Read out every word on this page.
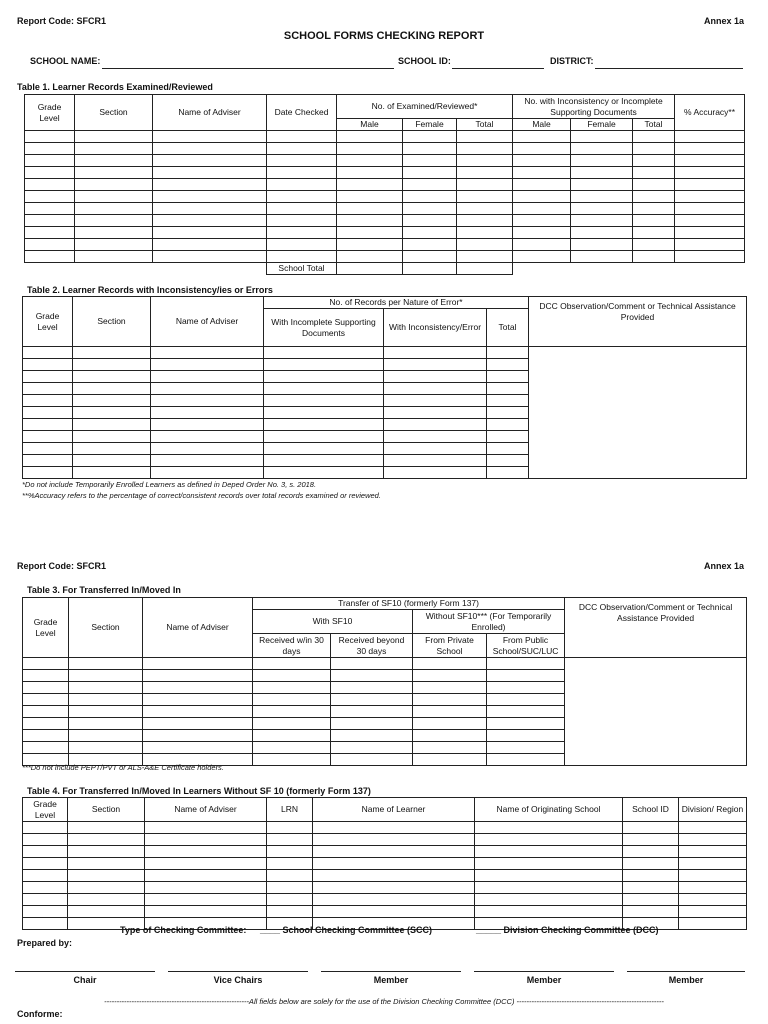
Report Code: SFCR1	Annex 1a
SCHOOL FORMS CHECKING REPORT
SCHOOL NAME:	SCHOOL ID:	DISTRICT:
Table 1. Learner Records Examined/Reviewed
Grade Level	Section	Name of Adviser	Date Checked	No. of Examined/Reviewed*			No. with Inconsistency or Incomplete Supporting Documents			% Accuracy**
				Male	Female	Total	Male	Female	Total	

			School Total							
Table 2. Learner Records with Inconsistency/ies or Errors
Grade Level	Section	Name of Adviser	No. of Records per Nature of Error*			DCC Observation/Comment or Technical Assistance Provided
			With Incomplete Supporting Documents	With Inconsistency/Error	Total	

*Do not include Temporarily Enrolled Learners as defined in Deped Order No. 3, s. 2018.
**%Accuracy refers to the percentage of correct/consistent records over total records examined or reviewed.
Report Code: SFCR1	Annex 1a
Table 3. For Transferred In/Moved In
Grade Level	Section	Name of Adviser	Transfer of SF10 (formerly Form 137)				DCC Observation/Comment or Technical Assistance Provided
			With SF10		Without SF10*** (For Temporarily Enrolled)		
			Received w/in 30 days	Received beyond 30 days	From Private School	From Public School/SUC/LUC	

***Do not include PEPT/PVT or ALS-A&E Certificate holders.
Table 4. For Transferred In/Moved In Learners Without SF 10 (formerly Form 137)
Grade Level	Section	Name of Adviser	LRN	Name of Learner	Name of Originating School	School ID	Division/ Region

Type of Checking Committee: ____ School Checking Committee (SCC)	_____ Division Checking Committee (DCC)
Prepared by:
Chair	Vice Chairs	Member	Member	Member
----------------------------------------------------------All fields below are solely for the use of the Division Checking Committee (DCC) -----------------------------------------------------------
Conforme:
